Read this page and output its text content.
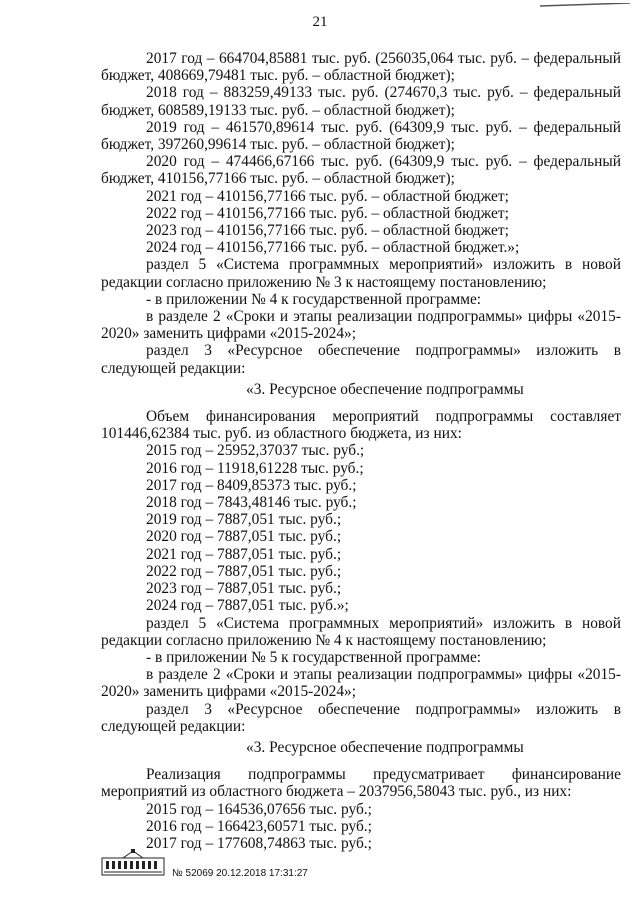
21

2017 год – 664704,85881 тыс. руб. (256035,064 тыс. руб. – федеральный бюджет, 408669,79481 тыс. руб. – областной бюджет);

2018 год – 883259,49133 тыс. руб. (274670,3 тыс. руб. – федеральный бюджет, 608589,19133 тыс. руб. – областной бюджет);

2019 год – 461570,89614 тыс. руб. (64309,9 тыс. руб. – федеральный бюджет, 397260,99614 тыс. руб. – областной бюджет);

2020 год – 474466,67166 тыс. руб. (64309,9 тыс. руб. – федеральный бюджет, 410156,77166 тыс. руб. – областной бюджет);

2021 год – 410156,77166 тыс. руб. – областной бюджет;

2022 год – 410156,77166 тыс. руб. – областной бюджет;

2023 год – 410156,77166 тыс. руб. – областной бюджет;

2024 год – 410156,77166 тыс. руб. – областной бюджет.»;

раздел 5 «Система программных мероприятий» изложить в новой редакции согласно приложению № 3 к настоящему постановлению;

- в приложении № 4 к государственной программе:

в разделе 2 «Сроки и этапы реализации подпрограммы» цифры «2015-2020» заменить цифрами «2015-2024»;

раздел 3 «Ресурсное обеспечение подпрограммы» изложить в следующей редакции:

«3. Ресурсное обеспечение подпрограммы

Объем финансирования мероприятий подпрограммы составляет 101446,62384 тыс. руб. из областного бюджета, из них:

2015 год – 25952,37037 тыс. руб.;

2016 год – 11918,61228 тыс. руб.;

2017 год – 8409,85373 тыс. руб.;

2018 год – 7843,48146 тыс. руб.;

2019 год – 7887,051 тыс. руб.;

2020 год – 7887,051 тыс. руб.;

2021 год – 7887,051 тыс. руб.;

2022 год – 7887,051 тыс. руб.;

2023 год – 7887,051 тыс. руб.;

2024 год – 7887,051 тыс. руб.»;

раздел 5 «Система программных мероприятий» изложить в новой редакции согласно приложению № 4 к настоящему постановлению;

- в приложении № 5 к государственной программе:

в разделе 2 «Сроки и этапы реализации подпрограммы» цифры «2015-2020» заменить цифрами «2015-2024»;

раздел 3 «Ресурсное обеспечение подпрограммы» изложить в следующей редакции:

«3. Ресурсное обеспечение подпрограммы

Реализация подпрограммы предусматривает финансирование мероприятий из областного бюджета – 2037956,58043 тыс. руб., из них:

2015 год – 164536,07656 тыс. руб.;

2016 год – 166423,60571 тыс. руб.;

2017 год – 177608,74863 тыс. руб.;

№ 52069 20.12.2018 17:31:27
